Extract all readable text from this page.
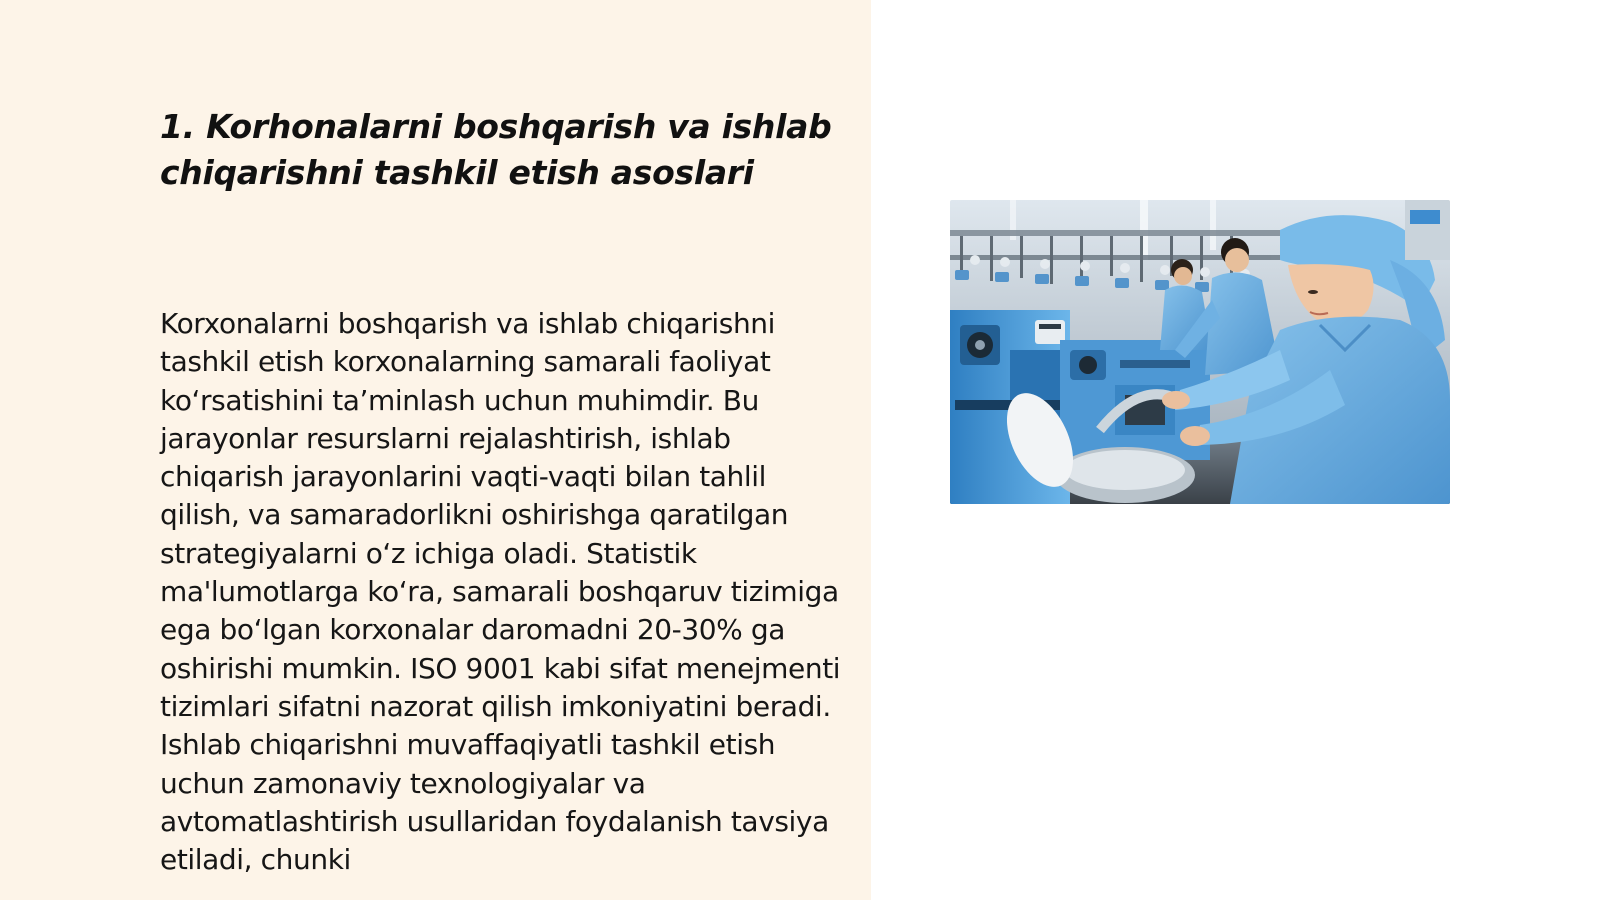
1. Korhonalarni boshqarish va ishlab chiqarishni tashkil etish asoslari

Korxonalarni boshqarish va ishlab chiqarishni tashkil etish korxonalarning samarali faoliyat ko‘rsatishini ta’minlash uchun muhimdir. Bu jarayonlar resurslarni rejalashtirish, ishlab chiqarish jarayonlarini vaqti-vaqti bilan tahlil qilish, va samaradorlikni oshirishga qaratilgan strategiyalarni o‘z ichiga oladi. Statistik ma'lumotlarga ko‘ra, samarali boshqaruv tizimiga ega bo‘lgan korxonalar daromadni 20-30% ga oshirishi mumkin. ISO 9001 kabi sifat menejmenti tizimlari sifatni nazorat qilish imkoniyatini beradi. Ishlab chiqarishni muvaffaqiyatli tashkil etish uchun zamonaviy texnologiyalar va avtomatlashtirish usullaridan foydalanish tavsiya etiladi, chunki
